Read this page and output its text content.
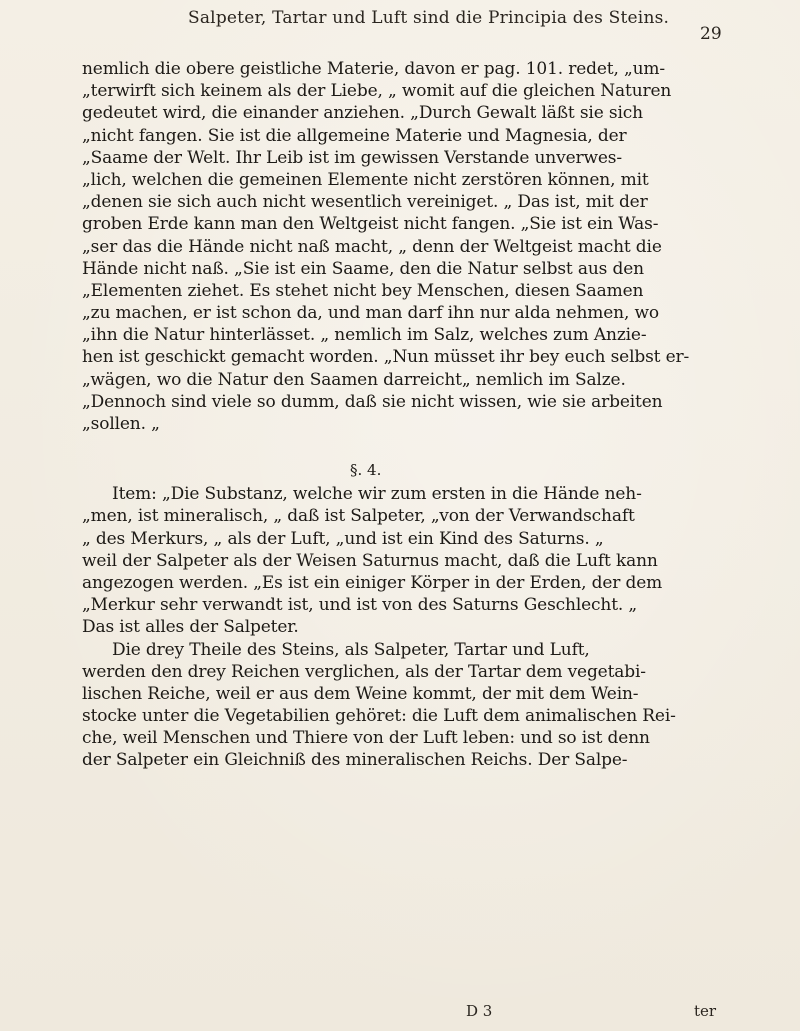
Salpeter, Tartar und Luft sind die Principia des Steins.
29
nemlich die obere geistliche Materie, davon er pag. 101. redet, „um-
„terwirft sich keinem als der Liebe, „ womit auf die gleichen Naturen
gedeutet wird, die einander anziehen. „Durch Gewalt läßt sie sich
„nicht fangen. Sie ist die allgemeine Materie und Magnesia, der
„Saame der Welt. Ihr Leib ist im gewissen Verstande unverwes-
„lich, welchen die gemeinen Elemente nicht zerstören können, mit
„denen sie sich auch nicht wesentlich vereiniget. „ Das ist, mit der
groben Erde kann man den Weltgeist nicht fangen. „Sie ist ein Was-
„ser das die Hände nicht naß macht, „ denn der Weltgeist macht die
Hände nicht naß. „Sie ist ein Saame, den die Natur selbst aus den
„Elementen ziehet. Es stehet nicht bey Menschen, diesen Saamen
„zu machen, er ist schon da, und man darf ihn nur alda nehmen, wo
„ihn die Natur hinterlässet. „ nemlich im Salz, welches zum Anzie-
hen ist geschickt gemacht worden. „Nun müsset ihr bey euch selbst er-
„wägen, wo die Natur den Saamen darreicht„ nemlich im Salze.
„Dennoch sind viele so dumm, daß sie nicht wissen, wie sie arbeiten
„sollen. „
§. 4.
Item: „Die Substanz, welche wir zum ersten in die Hände neh-
„men, ist mineralisch, „ daß ist Salpeter, „von der Verwandschaft
„ des Merkurs, „ als der Luft, „und ist ein Kind des Saturns. „
weil der Salpeter als der Weisen Saturnus macht, daß die Luft kann
angezogen werden. „Es ist ein einiger Körper in der Erden, der dem
„Merkur sehr verwandt ist, und ist von des Saturns Geschlecht. „
Das ist alles der Salpeter.
Die drey Theile des Steins, als Salpeter, Tartar und Luft,
werden den drey Reichen verglichen, als der Tartar dem vegetabi-
lischen Reiche, weil er aus dem Weine kommt, der mit dem Wein-
stocke unter die Vegetabilien gehöret: die Luft dem animalischen Rei-
che, weil Menschen und Thiere von der Luft leben: und so ist denn
der Salpeter ein Gleichniß des mineralischen Reichs. Der Salpe-
D 3	ter
